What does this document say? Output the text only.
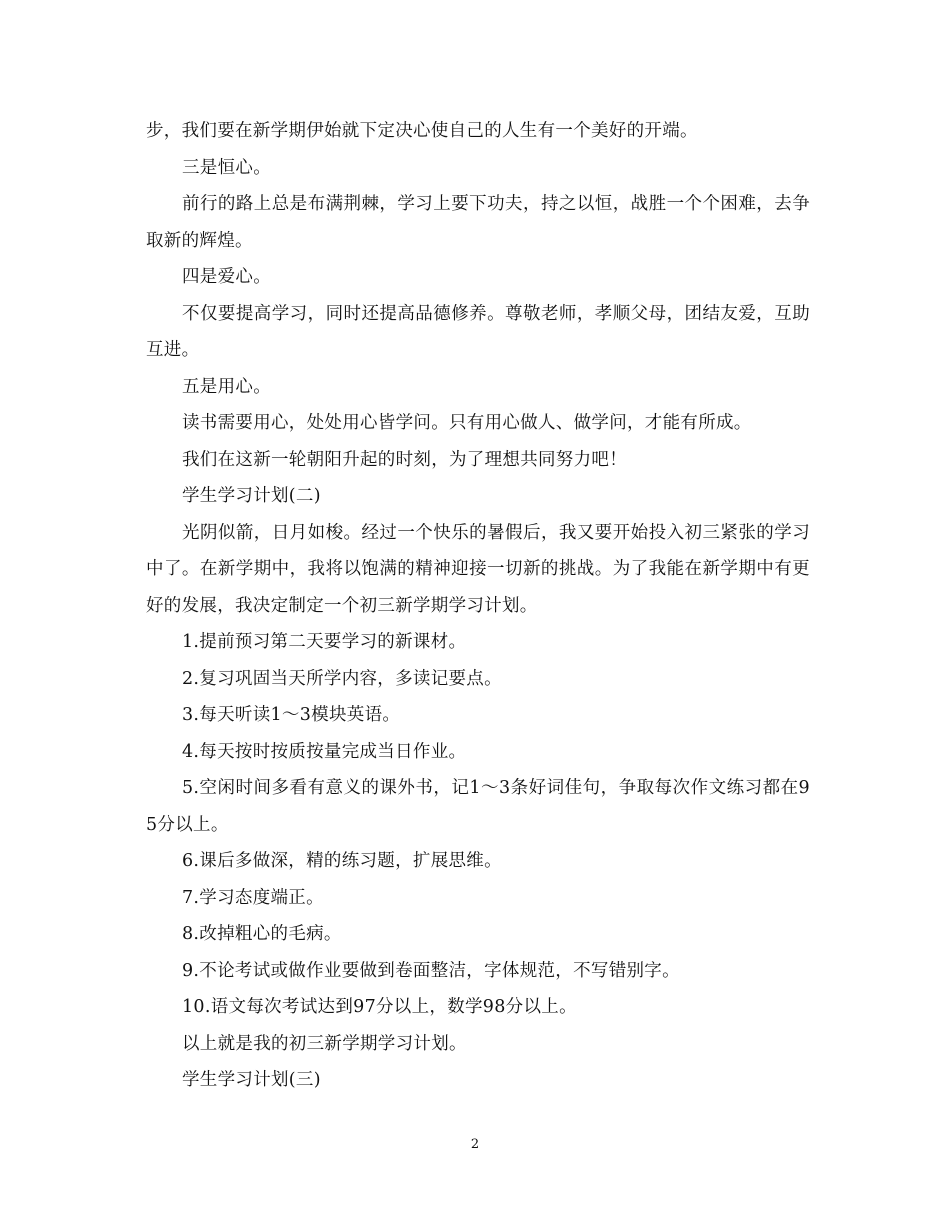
步，我们要在新学期伊始就下定决心使自己的人生有一个美好的开端。

三是恒心。

前行的路上总是布满荆棘，学习上要下功夫，持之以恒，战胜一个个困难，去争取新的辉煌。

四是爱心。

不仅要提高学习，同时还提高品德修养。尊敬老师，孝顺父母，团结友爱，互助互进。

五是用心。

读书需要用心，处处用心皆学问。只有用心做人、做学问，才能有所成。

我们在这新一轮朝阳升起的时刻，为了理想共同努力吧！

学生学习计划(二)

光阴似箭，日月如梭。经过一个快乐的暑假后，我又要开始投入初三紧张的学习中了。在新学期中，我将以饱满的精神迎接一切新的挑战。为了我能在新学期中有更好的发展，我决定制定一个初三新学期学习计划。

1.提前预习第二天要学习的新课材。

2.复习巩固当天所学内容，多读记要点。

3.每天听读1～3模块英语。

4.每天按时按质按量完成当日作业。

5.空闲时间多看有意义的课外书，记1～3条好词佳句，争取每次作文练习都在95分以上。

6.课后多做深，精的练习题，扩展思维。

7.学习态度端正。

8.改掉粗心的毛病。

9.不论考试或做作业要做到卷面整洁，字体规范，不写错别字。

10.语文每次考试达到97分以上，数学98分以上。

以上就是我的初三新学期学习计划。

学生学习计划(三)

2
